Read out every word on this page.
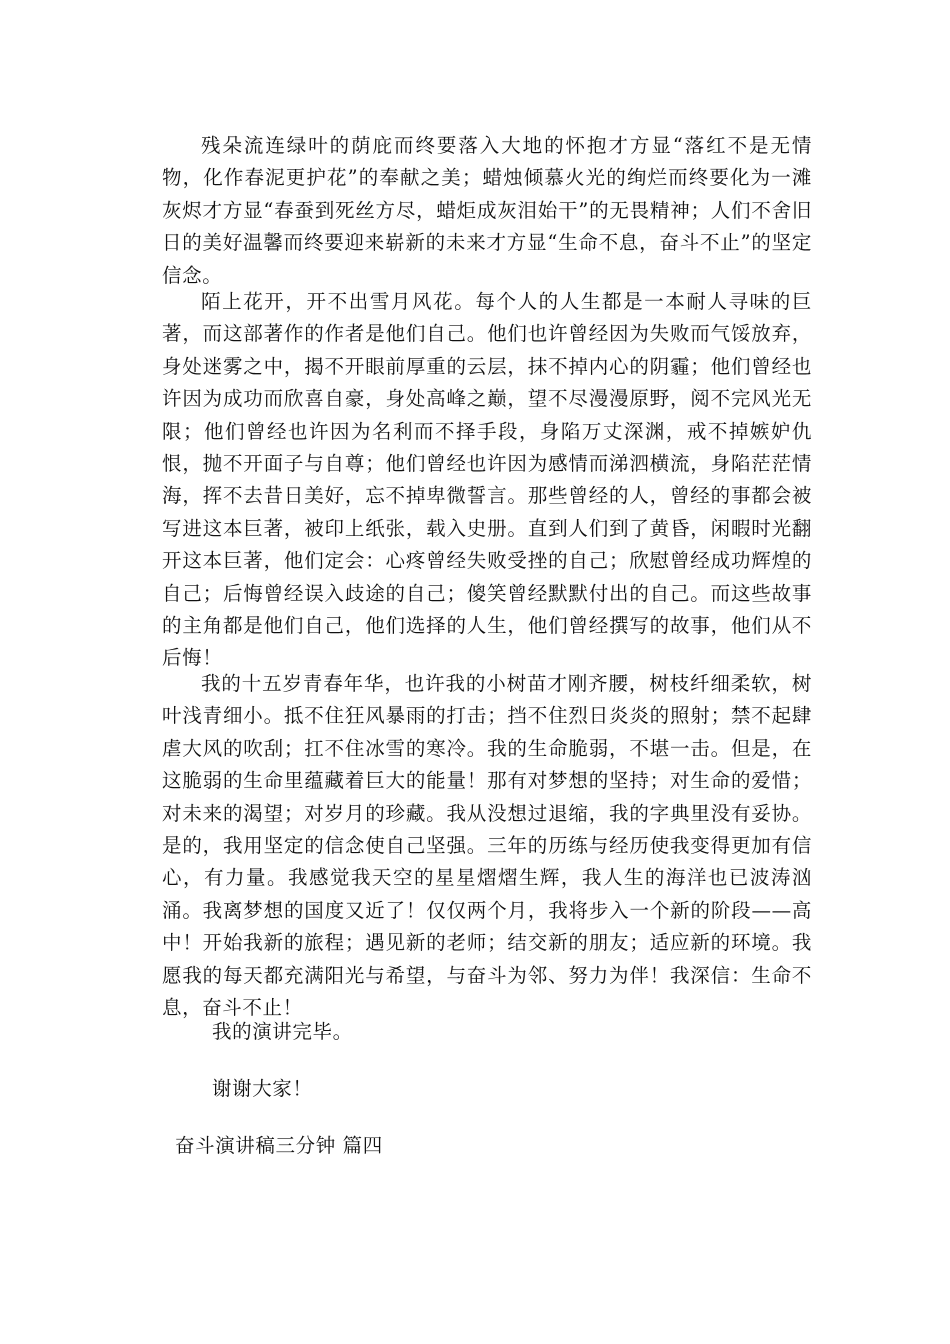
残朵流连绿叶的荫庇而终要落入大地的怀抱才方显“落红不是无情物，化作春泥更护花”的奉献之美；蜡烛倾慕火光的绚烂而终要化为一滩灰烬才方显“春蚕到死丝方尽，蜡炬成灰泪始干”的无畏精神；人们不舍旧日的美好温馨而终要迎来崭新的未来才方显“生命不息，奋斗不止”的坚定信念。

陌上花开，开不出雪月风花。每个人的人生都是一本耐人寻味的巨著，而这部著作的作者是他们自己。他们也许曾经因为失败而气馁放弃，身处迷雾之中，揭不开眼前厚重的云层，抹不掉内心的阴霾；他们曾经也许因为成功而欣喜自豪，身处高峰之巅，望不尽漫漫原野，阅不完风光无限；他们曾经也许因为名利而不择手段，身陷万丈深渊，戒不掉嫉妒仇恨，抛不开面子与自尊；他们曾经也许因为感情而涕泗横流，身陷茫茫情海，挥不去昔日美好，忘不掉卑微誓言。那些曾经的人，曾经的事都会被写进这本巨著，被印上纸张，载入史册。直到人们到了黄昏，闲暇时光翻开这本巨著，他们定会：心疼曾经失败受挫的自己；欣慰曾经成功辉煌的自己；后悔曾经误入歧途的自己；傻笑曾经默默付出的自己。而这些故事的主角都是他们自己，他们选择的人生，他们曾经撰写的故事，他们从不后悔！

我的十五岁青春年华，也许我的小树苗才刚齐腰，树枝纤细柔软，树叶浅青细小。抵不住狂风暴雨的打击；挡不住烈日炎炎的照射；禁不起肆虐大风的吹刮；扛不住冰雪的寒冷。我的生命脆弱，不堪一击。但是，在这脆弱的生命里蕴藏着巨大的能量！那有对梦想的坚持；对生命的爱惜；对未来的渴望；对岁月的珍藏。我从没想过退缩，我的字典里没有妥协。是的，我用坚定的信念使自己坚强。三年的历练与经历使我变得更加有信心，有力量。我感觉我天空的星星熠熠生辉，我人生的海洋也已波涛汹涌。我离梦想的国度又近了！仅仅两个月，我将步入一个新的阶段——高中！开始我新的旅程；遇见新的老师；结交新的朋友；适应新的环境。我愿我的每天都充满阳光与希望，与奋斗为邻、努力为伴！我深信：生命不息，奋斗不止！

我的演讲完毕。

谢谢大家！

奋斗演讲稿三分钟 篇四
